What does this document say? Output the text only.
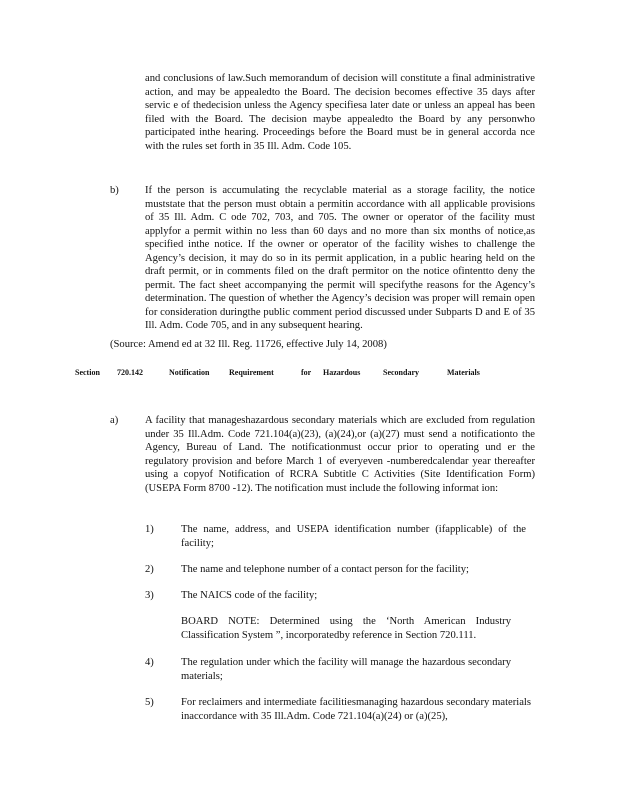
and conclusions of law.Such memorandum of decision will constitute a final administrative action, and may be appealedto the Board. The decision becomes effective 35 days after servic e of thedecision unless the Agency specifiesa later date or unless an appeal has been filed with the Board. The decision maybe appealedto the Board by any personwho participated inthe hearing. Proceedings before the Board must be in general accorda nce with the rules set forth in 35 Ill. Adm. Code 105.

b) If the person is accumulating the recyclable material as a storage facility, the notice muststate that the person must obtain a permitin accordance with all applicable provisions of 35 Ill. Adm. C ode 702, 703, and 705. The owner or operator of the facility must applyfor a permit within no less than 60 days and no more than six months of notice,as specified inthe notice. If the owner or operator of the facility wishes to challenge the Agency’s decision, it may do so in its permit application, in a public hearing held on the draft permit, or in comments filed on the draft permitor on the notice ofintentto deny the permit. The fact sheet accompanying the permit will specifythe reasons for the Agency’s determination. The question of whether the Agency’s decision was proper will remain open for consideration duringthe public comment period discussed under Subparts D and E of 35 Ill. Adm. Code 705, and in any subsequent hearing.

(Source: Amend ed at 32 Ill. Reg. 11726, effective July 14, 2008)

Section 720.142	Notification Requirement	for Hazardous	Secondary	Materials
a)	A facility that manageshazardous secondary materials which are excluded from regulation under 35 Ill.Adm. Code 721.104(a)(23), (a)(24),or (a)(27) must send a notificationto the Agency, Bureau of Land. The notificationmust occur prior to operating und er the regulatory provision and before March 1 of everyeven -numberedcalendar year thereafter using a copyof Notification of RCRA Subtitle C Activities (Site Identification Form) (USEPA Form 8700 -12). The notification must include the following informat ion:

1)	The name, address, and USEPA identification number (ifapplicable) of the facility;

2)	The name and telephone number of a contact person for the facility;

3)	The NAICS code of the facility;

BOARD NOTE: Determined using the ‘North American Industry Classification System ”, incorporatedby reference in Section 720.111.

4)	The regulation under which the facility will manage the hazardous secondary materials;

5)	For reclaimers and intermediate facilitiesmanaging hazardous secondary materials inaccordance with 35 Ill.Adm. Code 721.104(a)(24) or (a)(25),
